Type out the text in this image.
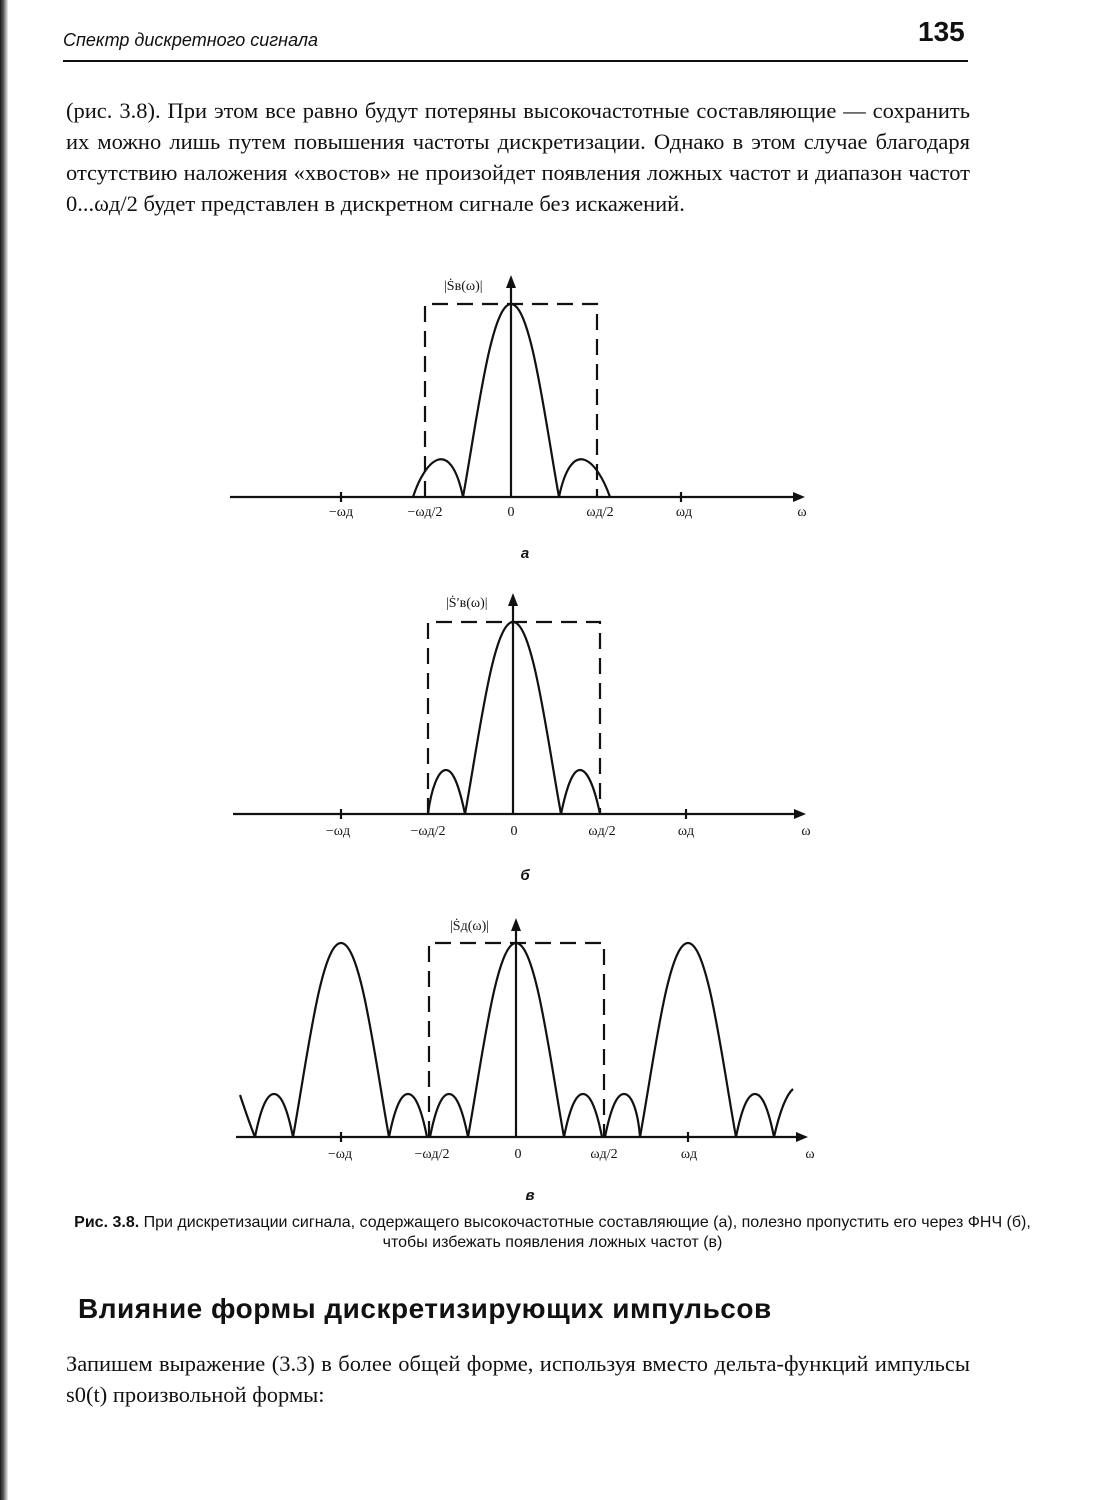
Спектр дискретного сигнала	135
(рис. 3.8). При этом все равно будут потеряны высокочастотные составляющие — сохранить их можно лишь путем повышения частоты дискретизации. Однако в этом случае благодаря отсутствию наложения «хвостов» не произойдет появления ложных частот и диапазон частот 0...ωд/2 будет представлен в дискретном сигнале без искажений.
|Ṡв(ω)|
−ωд	−ωд/2	0	ωд/2	ωд	ω
а
|Ṡ′в(ω)|
−ωд	−ωд/2	0	ωд/2	ωд	ω
б
|Ṡд(ω)|
−ωд	−ωд/2	0	ωд/2	ωд	ω
в
Рис. 3.8. При дискретизации сигнала, содержащего высокочастотные составляющие (а), полезно пропустить его через ФНЧ (б), чтобы избежать появления ложных частот (в)
Влияние формы дискретизирующих импульсов
Запишем выражение (3.3) в более общей форме, используя вместо дельта-функций импульсы s0(t) произвольной формы:
